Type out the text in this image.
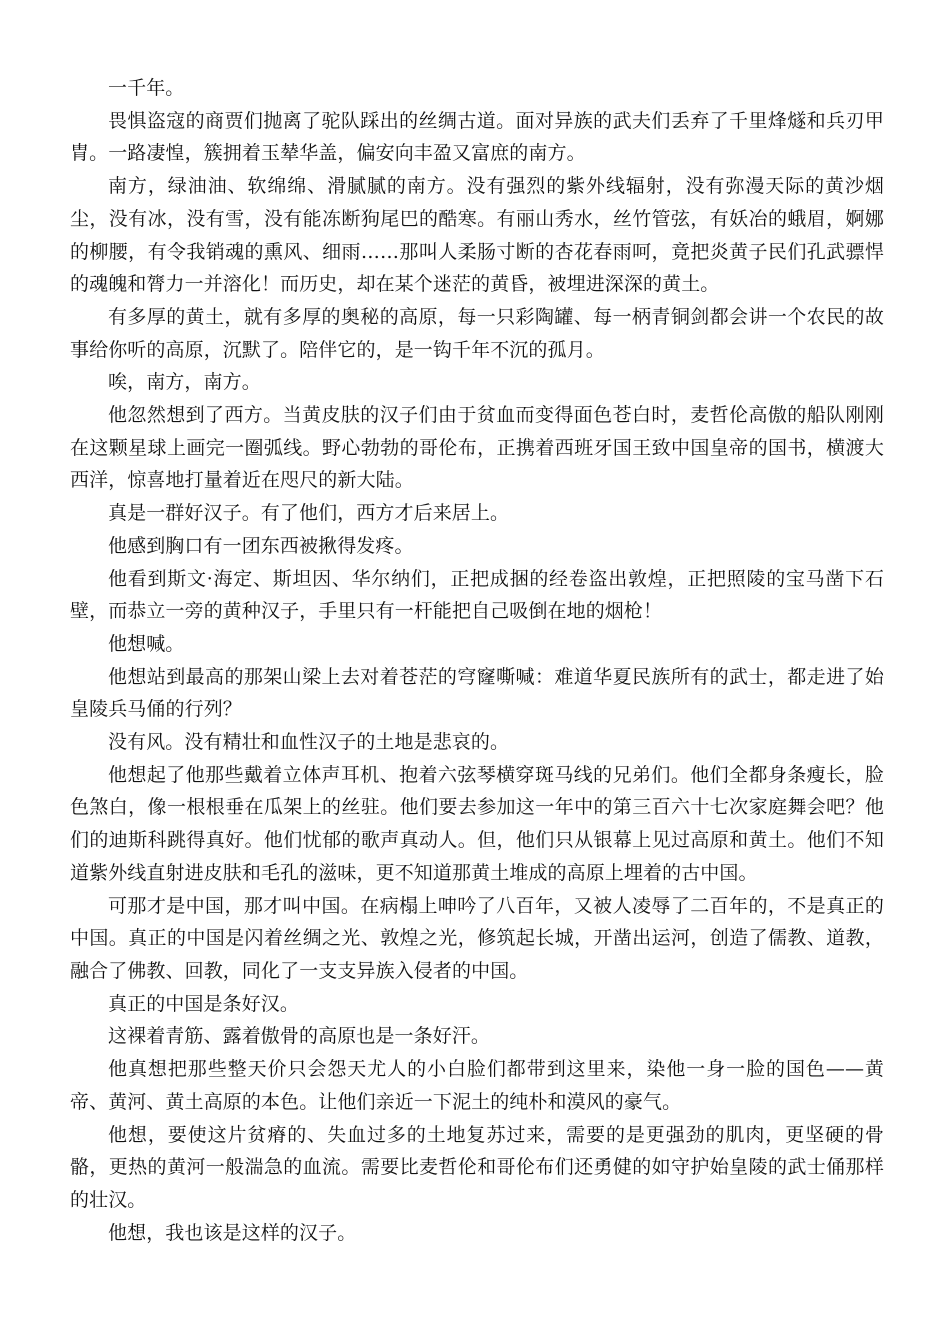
一千年。

畏惧盗寇的商贾们抛离了驼队踩出的丝绸古道。面对异族的武夫们丢弃了千里烽燧和兵刃甲胄。一路凄惶，簇拥着玉辇华盖，偏安向丰盈又富庶的南方。

南方，绿油油、软绵绵、滑腻腻的南方。没有强烈的紫外线辐射，没有弥漫天际的黄沙烟尘，没有冰，没有雪，没有能冻断狗尾巴的酷寒。有丽山秀水，丝竹管弦，有妖冶的蛾眉，婀娜的柳腰，有令我销魂的熏风、细雨……那叫人柔肠寸断的杏花春雨呵，竟把炎黄子民们孔武骠悍的魂魄和膂力一并溶化！而历史，却在某个迷茫的黄昏，被埋进深深的黄土。

有多厚的黄土，就有多厚的奥秘的高原，每一只彩陶罐、每一柄青铜剑都会讲一个农民的故事给你听的高原，沉默了。陪伴它的，是一钩千年不沉的孤月。

唉，南方，南方。

他忽然想到了西方。当黄皮肤的汉子们由于贫血而变得面色苍白时，麦哲伦高傲的船队刚刚在这颗星球上画完一圈弧线。野心勃勃的哥伦布，正携着西班牙国王致中国皇帝的国书，横渡大西洋，惊喜地打量着近在咫尺的新大陆。

真是一群好汉子。有了他们，西方才后来居上。

他感到胸口有一团东西被揪得发疼。

他看到斯文·海定、斯坦因、华尔纳们，正把成捆的经卷盗出敦煌，正把照陵的宝马凿下石壁，而恭立一旁的黄种汉子，手里只有一杆能把自己吸倒在地的烟枪！

他想喊。

他想站到最高的那架山梁上去对着苍茫的穹窿嘶喊：难道华夏民族所有的武士，都走进了始皇陵兵马俑的行列？

没有风。没有精壮和血性汉子的土地是悲哀的。

他想起了他那些戴着立体声耳机、抱着六弦琴横穿斑马线的兄弟们。他们全都身条瘦长，脸色煞白，像一根根垂在瓜架上的丝驻。他们要去参加这一年中的第三百六十七次家庭舞会吧？他们的迪斯科跳得真好。他们忧郁的歌声真动人。但，他们只从银幕上见过高原和黄土。他们不知道紫外线直射进皮肤和毛孔的滋味，更不知道那黄土堆成的高原上埋着的古中国。

可那才是中国，那才叫中国。在病榻上呻吟了八百年，又被人凌辱了二百年的，不是真正的中国。真正的中国是闪着丝绸之光、敦煌之光，修筑起长城，开凿出运河，创造了儒教、道教，融合了佛教、回教，同化了一支支异族入侵者的中国。

真正的中国是条好汉。

这裸着青筋、露着傲骨的高原也是一条好汗。

他真想把那些整天价只会怨天尤人的小白脸们都带到这里来，染他一身一脸的国色——黄帝、黄河、黄土高原的本色。让他们亲近一下泥土的纯朴和漠风的豪气。

他想，要使这片贫瘠的、失血过多的土地复苏过来，需要的是更强劲的肌肉，更坚硬的骨骼，更热的黄河一般湍急的血流。需要比麦哲伦和哥伦布们还勇健的如守护始皇陵的武士俑那样的壮汉。

他想，我也该是这样的汉子。
